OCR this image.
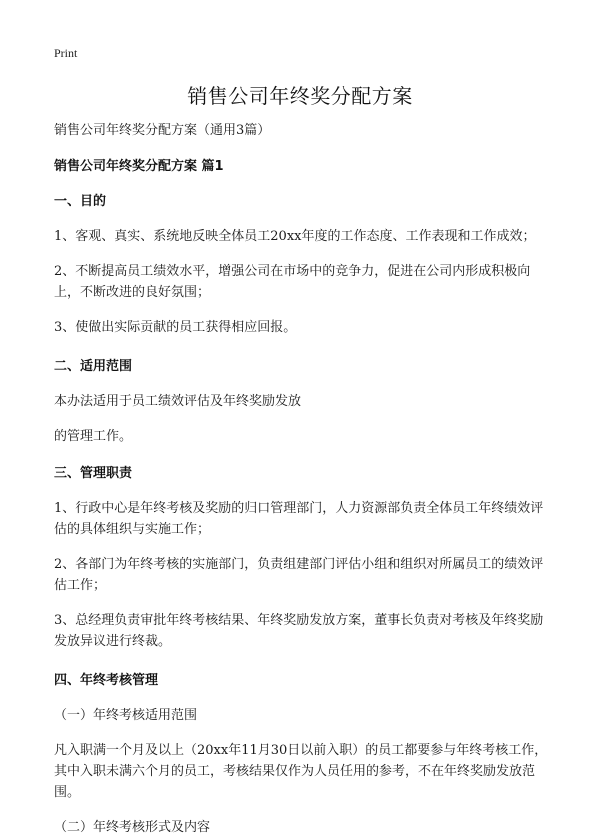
Print
销售公司年终奖分配方案

销售公司年终奖分配方案（通用3篇）

销售公司年终奖分配方案 篇1

一、目的

1、客观、真实、系统地反映全体员工20xx年度的工作态度、工作表现和工作成效；

2、不断提高员工绩效水平，增强公司在市场中的竞争力，促进在公司内形成积极向上，不断改进的良好氛围；

3、使做出实际贡献的员工获得相应回报。

二、适用范围

本办法适用于员工绩效评估及年终奖励发放

的管理工作。

三、管理职责

1、行政中心是年终考核及奖励的归口管理部门，人力资源部负责全体员工年终绩效评估的具体组织与实施工作；

2、各部门为年终考核的实施部门，负责组建部门评估小组和组织对所属员工的绩效评估工作；

3、总经理负责审批年终考核结果、年终奖励发放方案，董事长负责对考核及年终奖励发放异议进行终裁。

四、年终考核管理

（一）年终考核适用范围

凡入职满一个月及以上（20xx年11月30日以前入职）的员工都要参与年终考核工作，其中入职未满六个月的员工，考核结果仅作为人员任用的参考，不在年终奖励发放范围。

（二）年终考核形式及内容
